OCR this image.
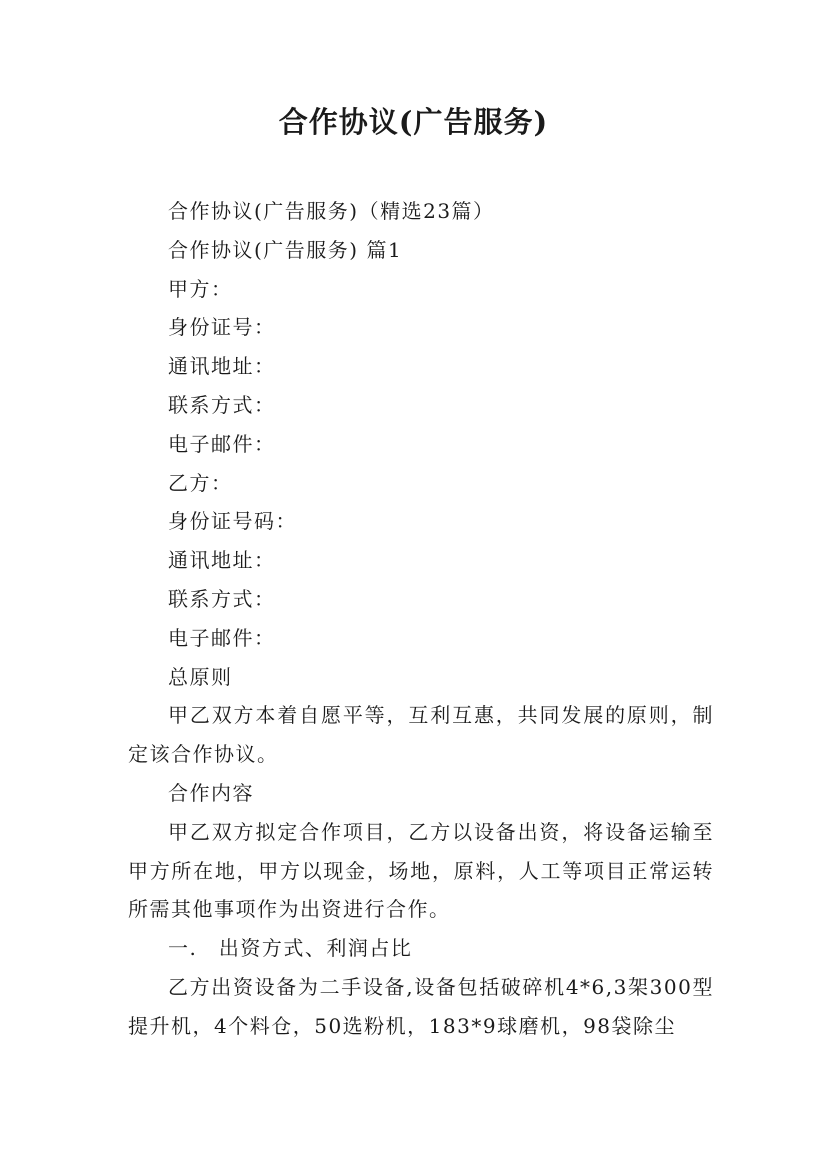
合作协议(广告服务)

合作协议(广告服务)（精选23篇）

合作协议(广告服务) 篇1

甲方：

身份证号：

通讯地址：

联系方式：

电子邮件：

乙方：

身份证号码：

通讯地址：

联系方式：

电子邮件：

总原则

甲乙双方本着自愿平等，互利互惠，共同发展的原则，制定该合作协议。

合作内容

甲乙双方拟定合作项目，乙方以设备出资，将设备运输至甲方所在地，甲方以现金，场地，原料，人工等项目正常运转所需其他事项作为出资进行合作。

一.　出资方式、利润占比

乙方出资设备为二手设备,设备包括破碎机4*6,3架300型提升机，4个料仓，50选粉机，183*9球磨机，98袋除尘
